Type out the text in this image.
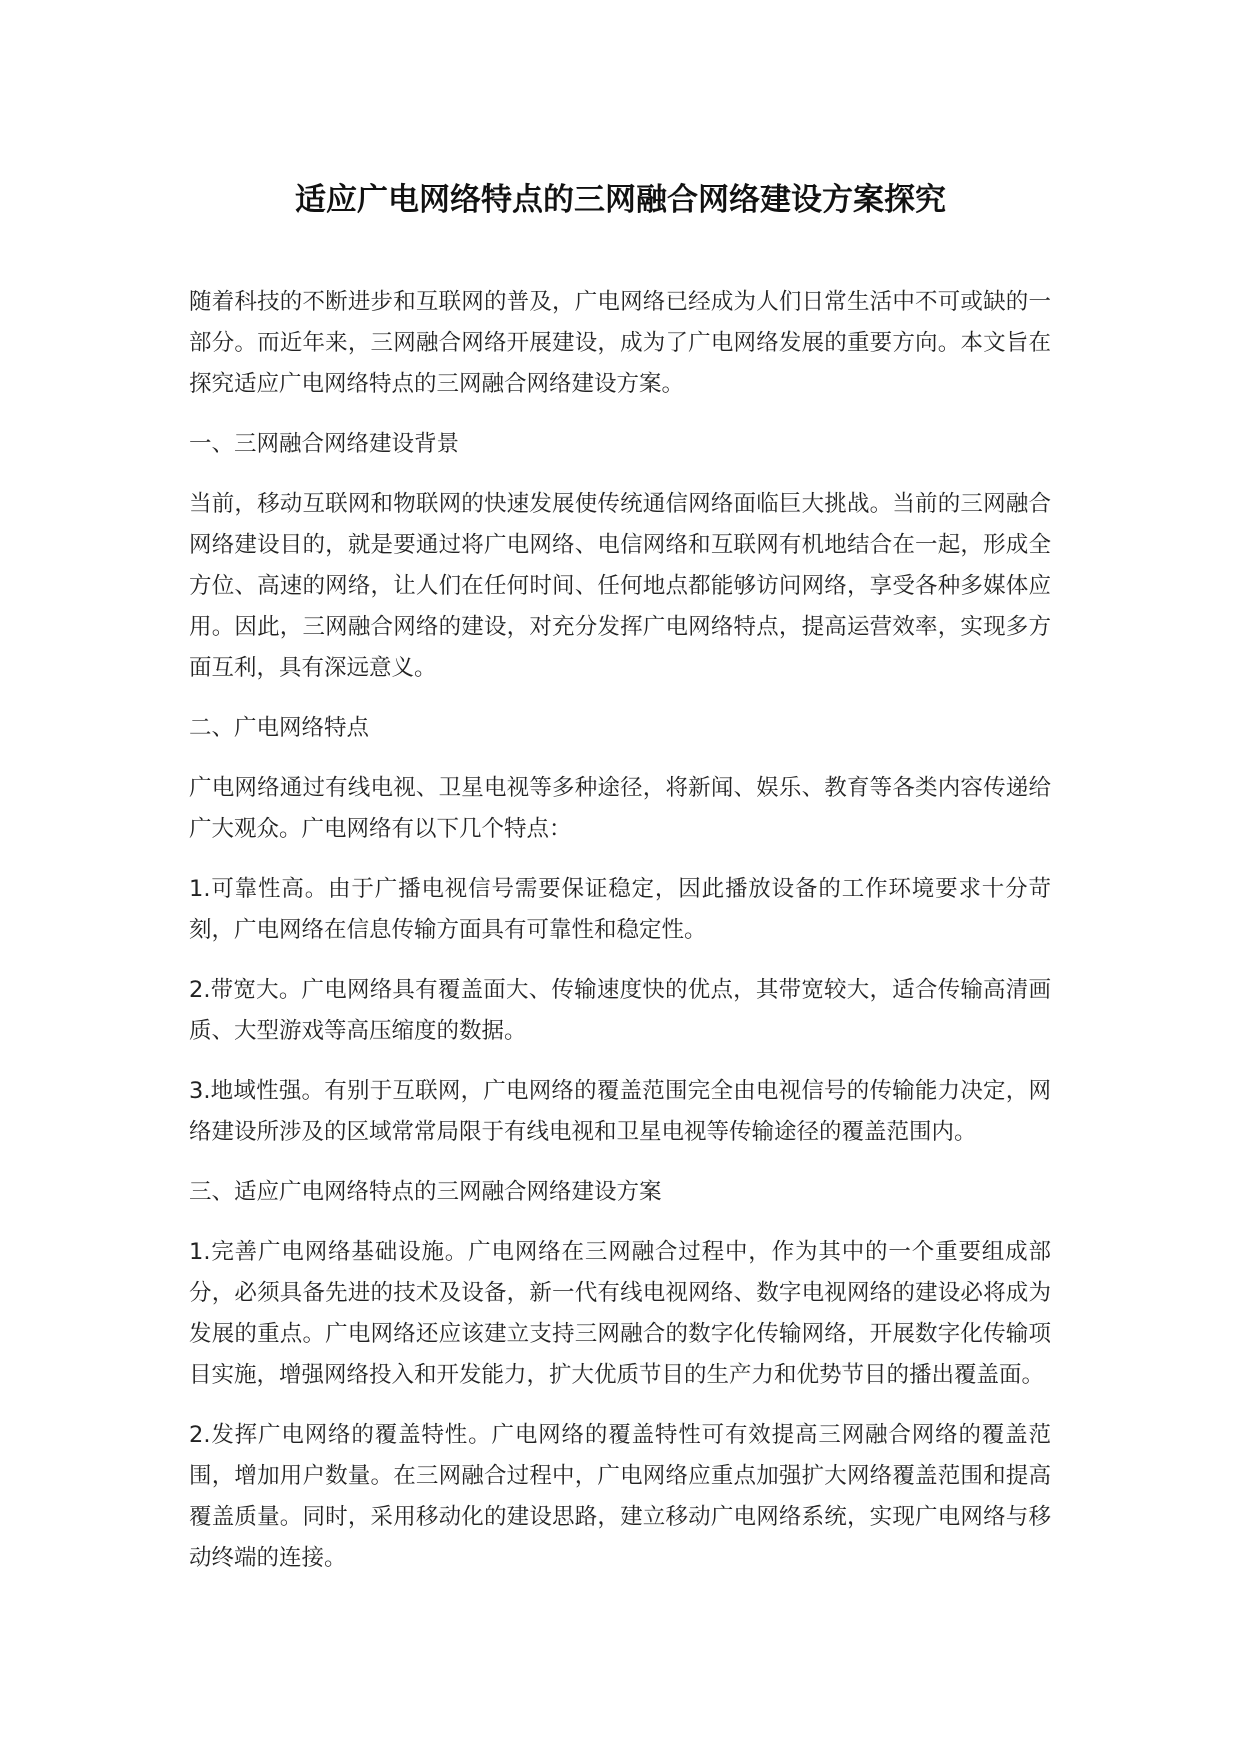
适应广电网络特点的三网融合网络建设方案探究

随着科技的不断进步和互联网的普及，广电网络已经成为人们日常生活中不可或缺的一部分。而近年来，三网融合网络开展建设，成为了广电网络发展的重要方向。本文旨在探究适应广电网络特点的三网融合网络建设方案。

一、三网融合网络建设背景

当前，移动互联网和物联网的快速发展使传统通信网络面临巨大挑战。当前的三网融合网络建设目的，就是要通过将广电网络、电信网络和互联网有机地结合在一起，形成全方位、高速的网络，让人们在任何时间、任何地点都能够访问网络，享受各种多媒体应用。因此，三网融合网络的建设，对充分发挥广电网络特点，提高运营效率，实现多方面互利，具有深远意义。

二、广电网络特点

广电网络通过有线电视、卫星电视等多种途径，将新闻、娱乐、教育等各类内容传递给广大观众。广电网络有以下几个特点：

1.可靠性高。由于广播电视信号需要保证稳定，因此播放设备的工作环境要求十分苛刻，广电网络在信息传输方面具有可靠性和稳定性。

2.带宽大。广电网络具有覆盖面大、传输速度快的优点，其带宽较大，适合传输高清画质、大型游戏等高压缩度的数据。

3.地域性强。有别于互联网，广电网络的覆盖范围完全由电视信号的传输能力决定，网络建设所涉及的区域常常局限于有线电视和卫星电视等传输途径的覆盖范围内。

三、适应广电网络特点的三网融合网络建设方案

1.完善广电网络基础设施。广电网络在三网融合过程中，作为其中的一个重要组成部分，必须具备先进的技术及设备，新一代有线电视网络、数字电视网络的建设必将成为发展的重点。广电网络还应该建立支持三网融合的数字化传输网络，开展数字化传输项目实施，增强网络投入和开发能力，扩大优质节目的生产力和优势节目的播出覆盖面。

2.发挥广电网络的覆盖特性。广电网络的覆盖特性可有效提高三网融合网络的覆盖范围，增加用户数量。在三网融合过程中，广电网络应重点加强扩大网络覆盖范围和提高覆盖质量。同时，采用移动化的建设思路，建立移动广电网络系统，实现广电网络与移动终端的连接。
